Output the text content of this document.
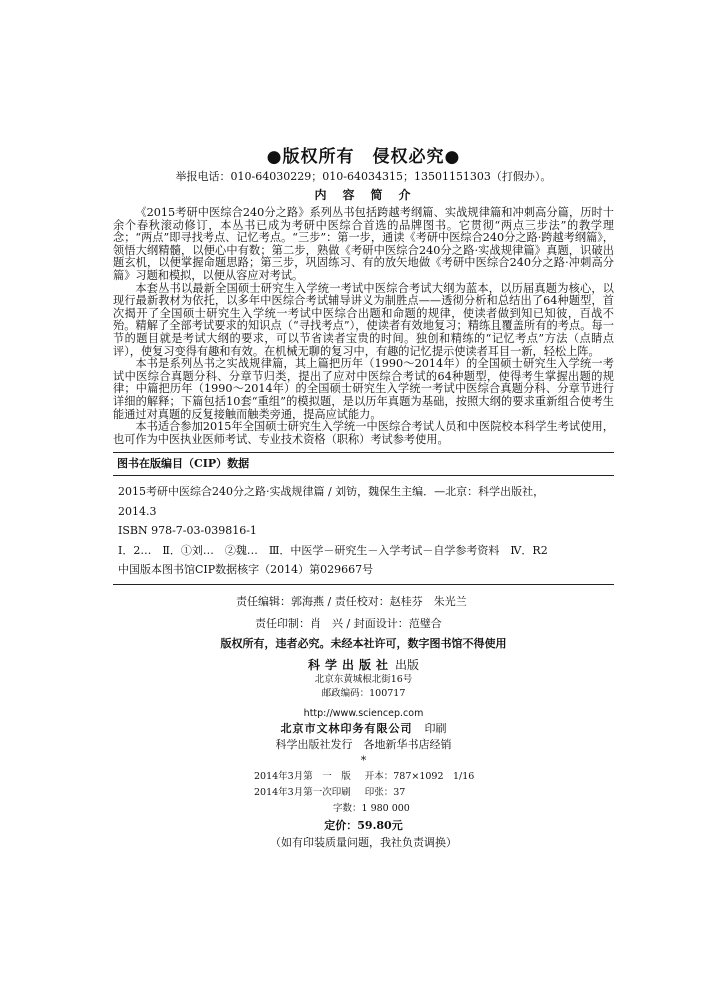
●版权所有　侵权必究●
举报电话：010-64030229；010-64034315；13501151303（打假办）。
内　容　简　介

《2015考研中医综合240分之路》系列丛书包括跨越考纲篇、实战规律篇和冲刺高分篇，历时十余个春秋滚动修订，本丛书已成为考研中医综合首选的品牌图书。它贯彻“两点三步法”的教学理念；“两点”即寻找考点、记忆考点。“三步”：第一步，通读《考研中医综合240分之路·跨越考纲篇》，领悟大纲精髓，以便心中有数；第二步，熟做《考研中医综合240分之路·实战规律篇》真题，识破出题玄机，以便掌握命题思路；第三步，巩固练习、有的放矢地做《考研中医综合240分之路·冲刺高分篇》习题和模拟，以便从容应对考试。

本套丛书以最新全国硕士研究生入学统一考试中医综合考试大纲为蓝本，以历届真题为核心，以现行最新教材为依托，以多年中医综合考试辅导讲义为制胜点——透彻分析和总结出了64种题型，首次揭开了全国硕士研究生入学统一考试中医综合出题和命题的规律，使读者做到知已知彼，百战不殆。精解了全部考试要求的知识点（“寻找考点”），使读者有效地复习；精练且覆盖所有的考点。每一节的题目就是考试大纲的要求，可以节省读者宝贵的时间。独创和精练的“记忆考点”方法（点睛点评），使复习变得有趣和有效。在机械无聊的复习中，有趣的记忆提示使读者耳目一新，轻松上阵。

本书是系列丛书之实战规律篇，其上篇把历年（1990～2014年）的全国硕士研究生入学统一考试中医综合真题分科、分章节归类，提出了应对中医综合考试的64种题型，使得考生掌握出题的规律；中篇把历年（1990～2014年）的全国硕士研究生入学统一考试中医综合真题分科、分章节进行详细的解释；下篇包括10套“重组”的模拟题，是以历年真题为基础，按照大纲的要求重新组合使考生能通过对真题的反复接触而触类旁通，提高应试能力。

本书适合参加2015年全国硕士研究生入学统一中医综合考试人员和中医院校本科学生考试使用，也可作为中医执业医师考试、专业技术资格（职称）考试参考使用。

图书在版编目（CIP）数据
2015考研中医综合240分之路·实战规律篇 / 刘钫，魏保生主编．—北京：科学出版社，
2014.3
ISBN 978-7-03-039816-1
Ⅰ．2…　Ⅱ．①刘…　②魏…　Ⅲ．中医学－研究生－入学考试－自学参考资料　Ⅳ．R2
中国版本图书馆CIP数据核字（2014）第029667号
责任编辑：郭海燕 / 责任校对：赵桂芬　朱光兰
责任印制：肖　兴 / 封面设计：范璧合
版权所有，违者必究。未经本社许可，数字图书馆不得使用
科学出版社 出版
北京东黄城根北街16号
邮政编码：100717
http://www.sciencep.com
北京市文林印务有限公司 印刷
科学出版社发行　各地新华书店经销
*
2014年3月第　一　版 开本：787×1092　1/16
2014年3月第一次印刷 印张：37
字数：1 980 000
定价：59.80元
（如有印装质量问题，我社负责调换）
